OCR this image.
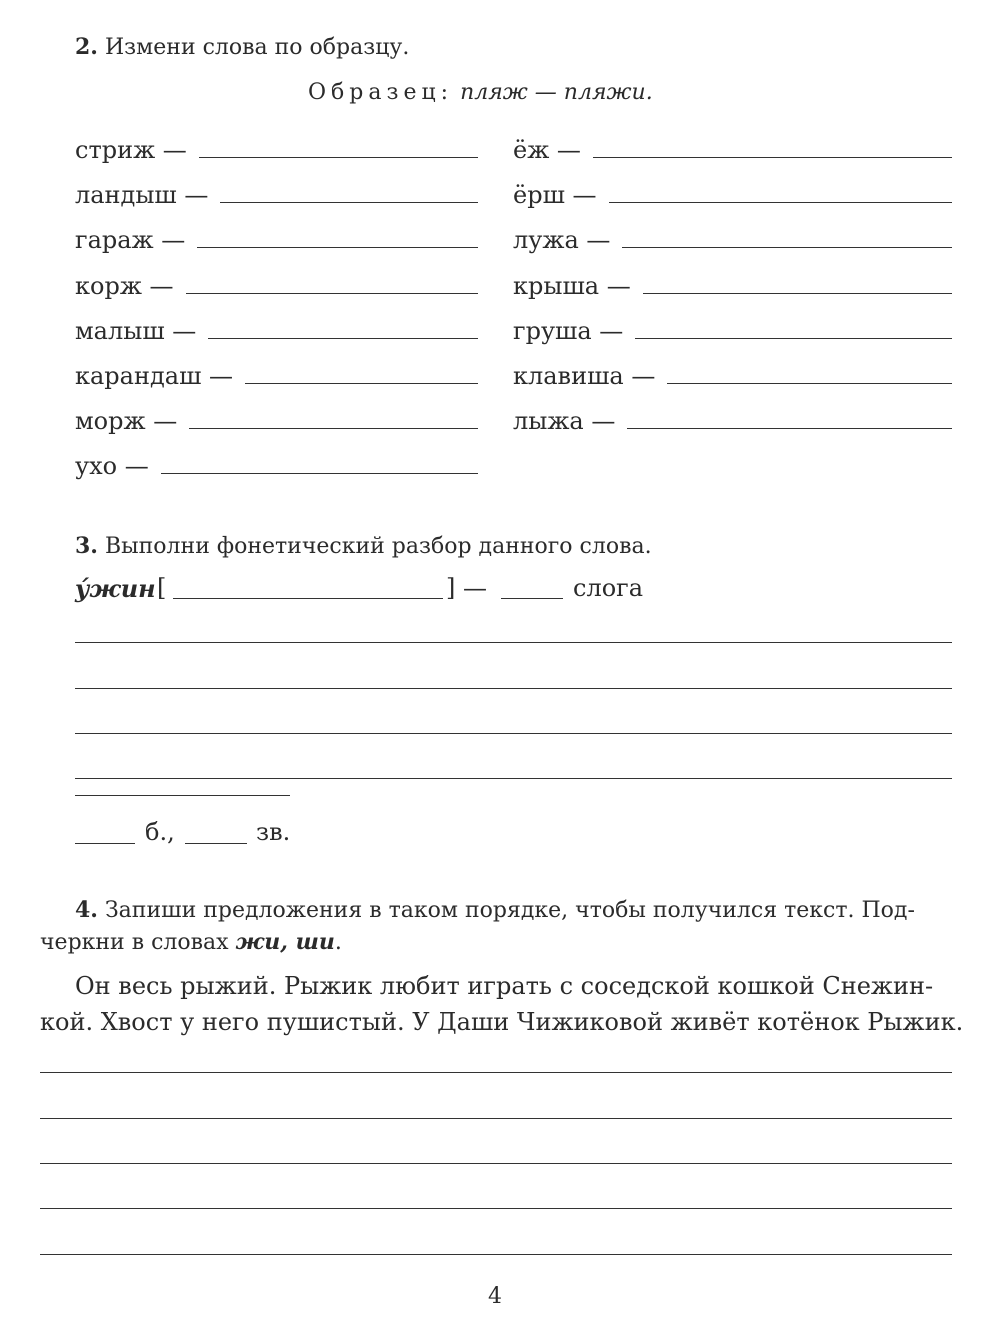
2. Измени слова по образцу.
Образец: пляж — пляжи.
стриж —
ландыш —
гараж —
корж —
малыш —
карандаш —
морж —
ухо —
ёж —
ёрш —
лужа —
крыша —
груша —
клавиша —
лыжа —
3. Выполни фонетический разбор данного слова.
у́жин [	] —	слога
б.,	зв.
4. Запиши предложения в таком порядке, чтобы получился текст. Под-
черкни в словах жи, ши.
Он весь рыжий. Рыжик любит играть с соседской кошкой Снежин-
кой. Хвост у него пушистый. У Даши Чижиковой живёт котёнок Рыжик.
4
